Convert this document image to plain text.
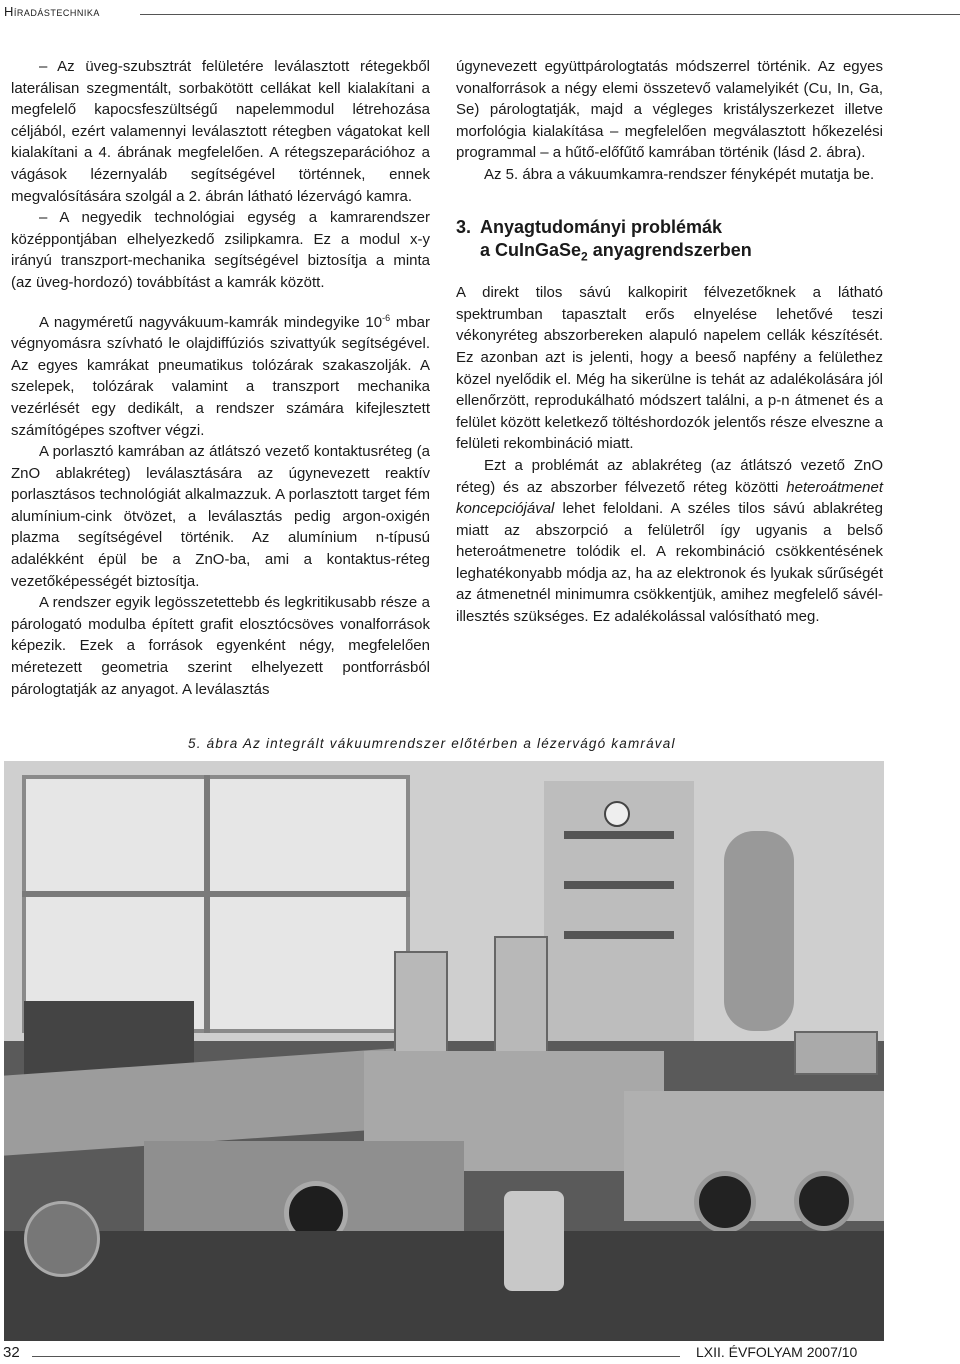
Híradástechnika

– Az üveg-szubsztrát felületére leválasztott rétegekből laterálisan szegmentált, sorbakötött cellákat kell kialakítani a megfelelő kapocsfeszültségű napelemmodul létrehozása céljából, ezért valamennyi leválasztott rétegben vágatokat kell kialakítani a 4. ábrának megfelelően. A rétegszeparációhoz a vágások lézernyaláb segítségével történnek, ennek megvalósítására szolgál a 2. ábrán látható lézervágó kamra.

– A negyedik technológiai egység a kamrarendszer középpontjában elhelyezkedő zsilipkamra. Ez a modul x-y irányú transzport-mechanika segítségével biztosítja a minta (az üveg-hordozó) továbbítást a kamrák között.

A nagyméretű nagyvákuum-kamrák mindegyike $10^{-6}$ mbar végnyomásra szívható le olajdiffúziós szivattyúk segítségével. Az egyes kamrákat pneumatikus tolózárak szakaszolják. A szelepek, tolózárak valamint a transzport mechanika vezérlését egy dedikált, a rendszer számára kifejlesztett számítógépes szoftver végzi.

A porlasztó kamrában az átlátszó vezető kontaktusréteg (a ZnO ablakréteg) leválasztására az úgynevezett reaktív porlasztásos technológiát alkalmazzuk. A porlasztott target fém alumínium-cink ötvözet, a leválasztás pedig argon-oxigén plazma segítségével történik. Az alumínium n-típusú adalékként épül be a ZnO-ba, ami a kontaktus-réteg vezetőképességét biztosítja.

A rendszer egyik legösszetettebb és legkritikusabb része a párologató modulba épített grafit elosztócsöves vonalforrások képezik. Ezek a források egyenként négy, megfelelően méretezett geometria szerint elhelyezett pontforrásból párologtatják az anyagot. A leválasztás

úgynevezett együttpárologtatás módszerrel történik. Az egyes vonalforrások a négy elemi összetevő valamelyikét (Cu, In, Ga, Se) párologtatják, majd a végleges kristályszerkezet illetve morfológia kialakítása – megfelelően megválasztott hőkezelési programmal – a hűtő-előfűtő kamrában történik (lásd 2. ábra).

Az 5. ábra a vákuumkamra-rendszer fényképét mutatja be.

3. Anyagtudományi problémák
a CuInGaSe$_2$ anyagrendszerben

A direkt tilos sávú kalkopirit félvezetőknek a látható spektrumban tapasztalt erős elnyelése lehetővé teszi vékonyréteg abszorbereken alapuló napelem cellák készítését. Ez azonban azt is jelenti, hogy a beeső napfény a felülethez közel nyelődik el. Még ha sikerülne is tehát az adalékolására jól ellenőrzött, reprodukálható módszert találni, a p-n átmenet és a felület között keletkező töltéshordozók jelentős része elveszne a felületi rekombináció miatt.

Ezt a problémát az ablakréteg (az átlátszó vezető ZnO réteg) és az abszorber félvezető réteg közötti heteroátmenet koncepciójával lehet feloldani. A széles tilos sávú ablakréteg miatt az abszorpció a felületről így ugyanis a belső heteroátmenetre tolódik el. A rekombináció csökkentésének leghatékonyabb módja az, ha az elektronok és lyukak sűrűségét az átmenetnél minimumra csökkentjük, amihez megfelelő sávél-illesztés szükséges. Ez adalékolással valósítható meg.

5. ábra Az integrált vákuumrendszer előtérben a lézervágó kamrával
32	LXII. ÉVFOLYAM 2007/10
